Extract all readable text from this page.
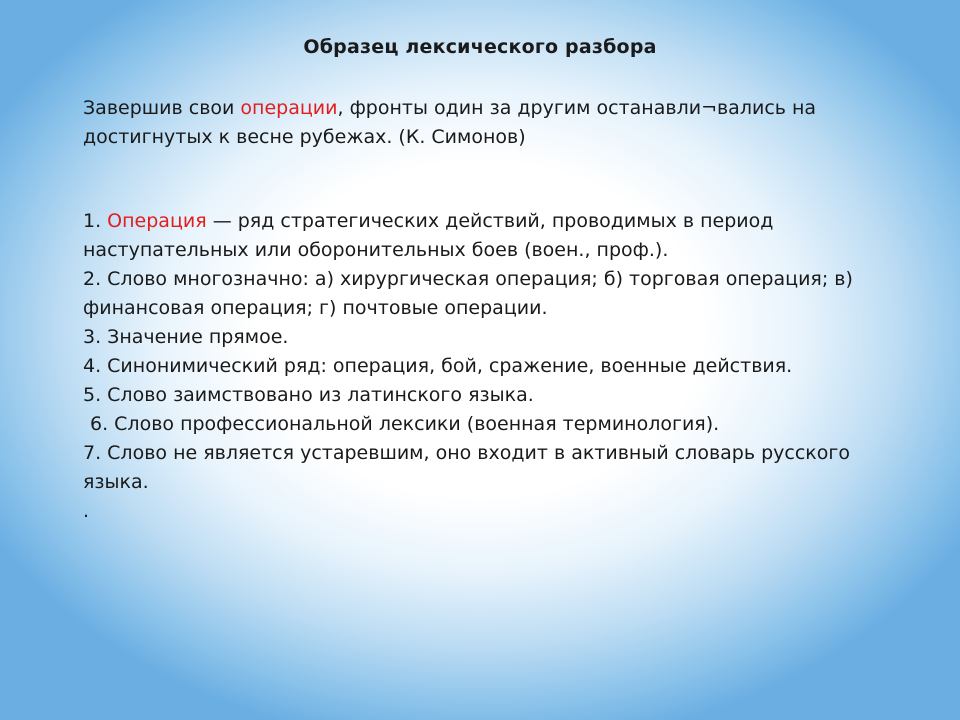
Образец лексического разбора
Завершив свои операции, фронты один за другим останавли¬вались на достигнутых к весне рубежах. (К. Симонов)

1. Операция — ряд стратегических действий, проводимых в период наступательных или оборонительных боев (воен., проф.).

2. Слово многозначно: а) хирургическая операция; б) торговая операция; в) финансовая операция; г) почтовые операции.

3. Значение прямое.

4. Синонимический ряд: операция, бой, сражение, военные действия.

5. Слово заимствовано из латинского языка.

6. Слово профессиональной лексики (военная терминология).

7. Слово не является устаревшим, оно входит в активный словарь русского языка.

.
